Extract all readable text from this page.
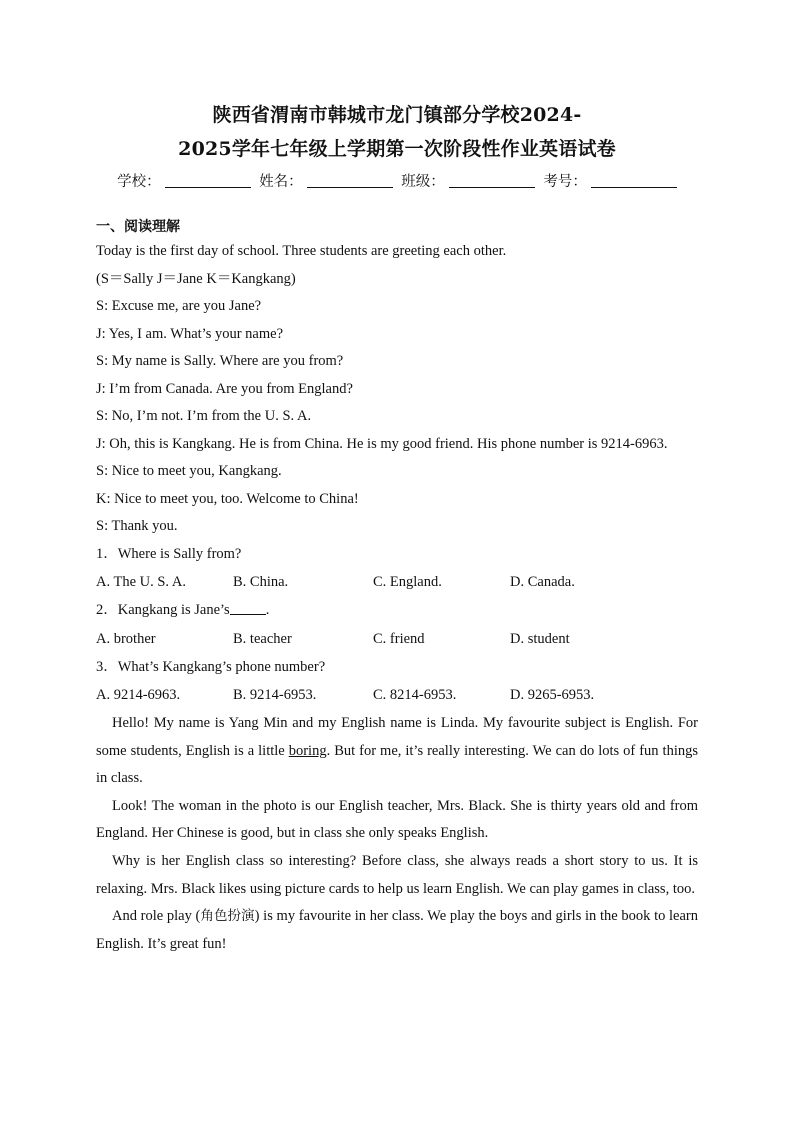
陕西省渭南市韩城市龙门镇部分学校2024-
2025学年七年级上学期第一次阶段性作业英语试卷
学校：	姓名：	班级：	考号：
一、阅读理解
Today is the first day of school. Three students are greeting each other.
(S＝Sally J＝Jane K＝Kangkang)
S: Excuse me, are you Jane?
J: Yes, I am. What’s your name?
S: My name is Sally. Where are you from?
J: I’m from Canada. Are you from England?
S: No, I’m not. I’m from the U. S. A.
J: Oh, this is Kangkang. He is from China. He is my good friend. His phone number is 9214-6963.
S: Nice to meet you, Kangkang.
K: Nice to meet you, too. Welcome to China!
S: Thank you.
1．Where is Sally from?
A. The U. S. A.	B. China.	C. England.	D. Canada.
2．Kangkang is Jane’s .
A. brother	B. teacher	C. friend	D. student
3．What’s Kangkang’s phone number?
A. 9214-6963.	B. 9214-6953.	C. 8214-6953.	D. 9265-6953.

Hello! My name is Yang Min and my English name is Linda. My favourite subject is English. For some students, English is a little boring. But for me, it’s really interesting. We can do lots of fun things in class.

Look! The woman in the photo is our English teacher, Mrs. Black. She is thirty years old and from England. Her Chinese is good, but in class she only speaks English.

Why is her English class so interesting? Before class, she always reads a short story to us. It is relaxing. Mrs. Black likes using picture cards to help us learn English. We can play games in class, too.

And role play (角色扮演) is my favourite in her class. We play the boys and girls in the book to learn English. It’s great fun!
